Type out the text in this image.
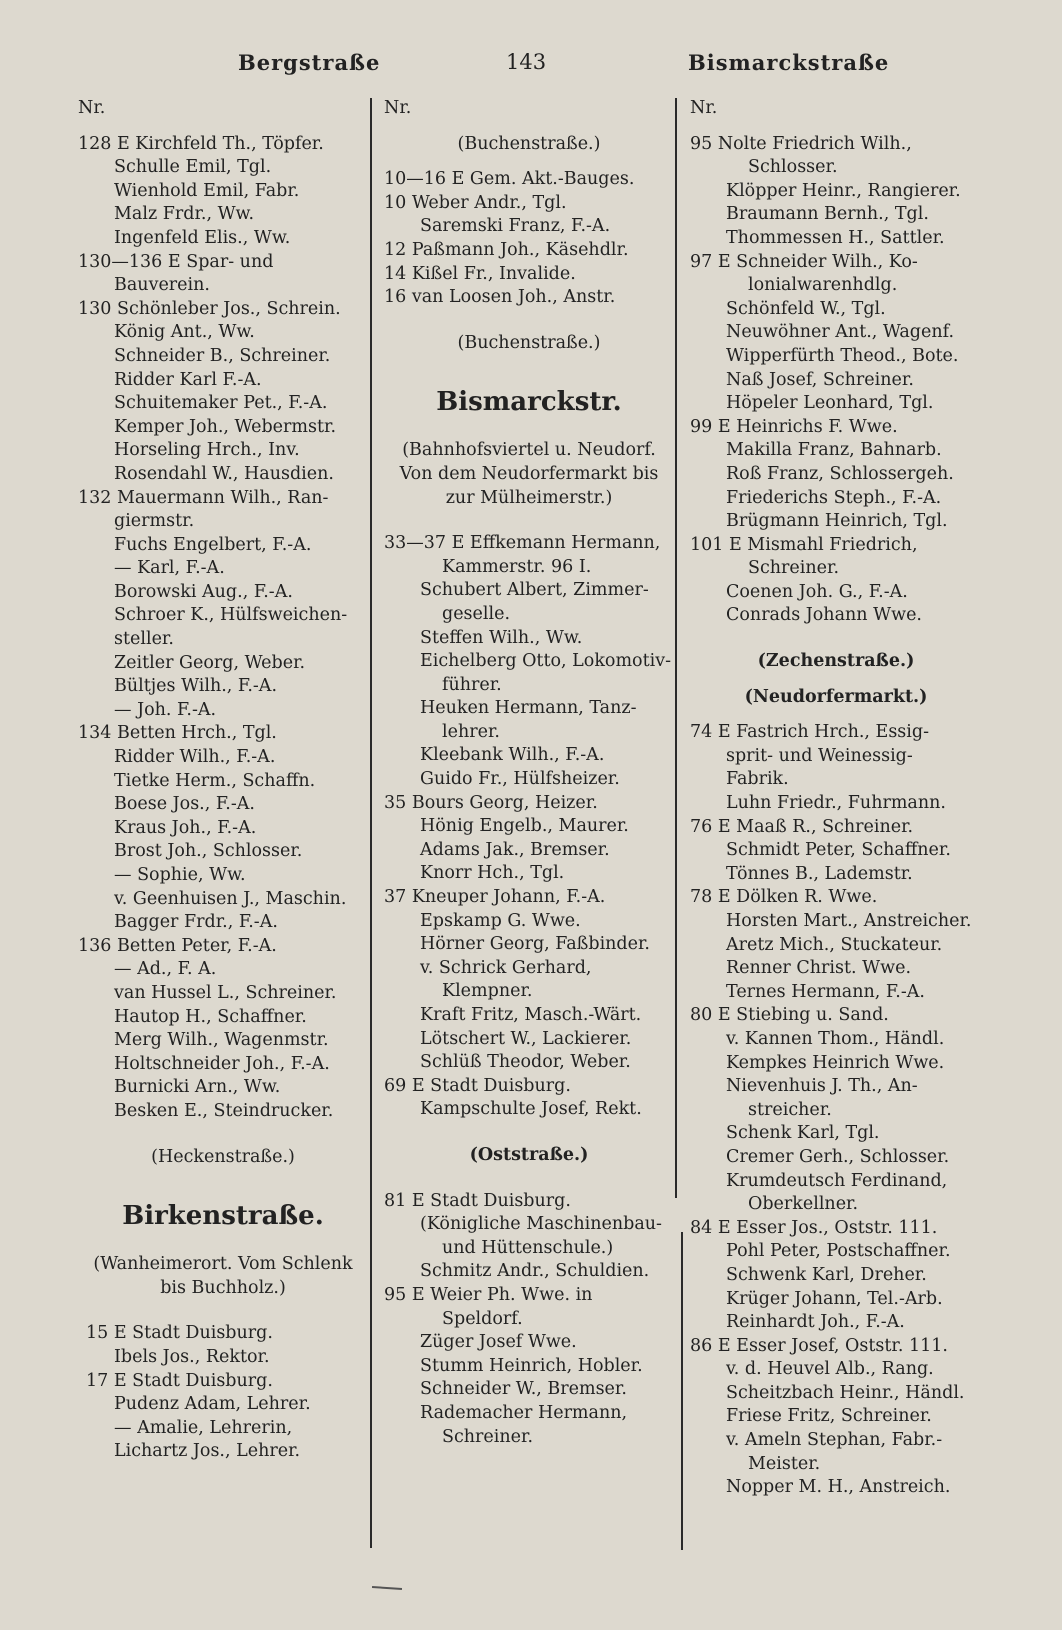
Bergstraße	143	Bismarckstraße
Nr.
128 E Kirchfeld Th., Töpfer.
Schulle Emil, Tgl.
Wienhold Emil, Fabr.
Malz Frdr., Ww.
Ingenfeld Elis., Ww.
130—136 E Spar- und
Bauverein.
130 Schönleber Jos., Schrein.
König Ant., Ww.
Schneider B., Schreiner.
Ridder Karl F.-A.
Schuitemaker Pet., F.-A.
Kemper Joh., Webermstr.
Horseling Hrch., Inv.
Rosendahl W., Hausdien.
132 Mauermann Wilh., Ran-
giermstr.
Fuchs Engelbert, F.-A.
— Karl, F.-A.
Borowski Aug., F.-A.
Schroer K., Hülfsweichen-
steller.
Zeitler Georg, Weber.
Bültjes Wilh., F.-A.
— Joh. F.-A.
134 Betten Hrch., Tgl.
Ridder Wilh., F.-A.
Tietke Herm., Schaffn.
Boese Jos., F.-A.
Kraus Joh., F.-A.
Brost Joh., Schlosser.
— Sophie, Ww.
v. Geenhuisen J., Maschin.
Bagger Frdr., F.-A.
136 Betten Peter, F.-A.
— Ad., F. A.
van Hussel L., Schreiner.
Hautop H., Schaffner.
Merg Wilh., Wagenmstr.
Holtschneider Joh., F.-A.
Burnicki Arn., Ww.
Besken E., Steindrucker.
(Heckenstraße.)
Birkenstraße.
(Wanheimerort. Vom Schlenk
bis Buchholz.)
15 E Stadt Duisburg.
Ibels Jos., Rektor.
17 E Stadt Duisburg.
Pudenz Adam, Lehrer.
— Amalie, Lehrerin,
Lichartz Jos., Lehrer.
Nr.
(Buchenstraße.)
10—16 E Gem. Akt.-Bauges.
10 Weber Andr., Tgl.
Saremski Franz, F.-A.
12 Paßmann Joh., Käsehdlr.
14 Kißel Fr., Invalide.
16 van Loosen Joh., Anstr.
(Buchenstraße.)
Bismarckstr.
(Bahnhofsviertel u. Neudorf.
Von dem Neudorfermarkt bis
zur Mülheimerstr.)
33—37 E Effkemann Hermann,
Kammerstr. 96 I.
Schubert Albert, Zimmer-
geselle.
Steffen Wilh., Ww.
Eichelberg Otto, Lokomotiv-
führer.
Heuken Hermann, Tanz-
lehrer.
Kleebank Wilh., F.-A.
Guido Fr., Hülfsheizer.
35 Bours Georg, Heizer.
Hönig Engelb., Maurer.
Adams Jak., Bremser.
Knorr Hch., Tgl.
37 Kneuper Johann, F.-A.
Epskamp G. Wwe.
Hörner Georg, Faßbinder.
v. Schrick Gerhard,
Klempner.
Kraft Fritz, Masch.-Wärt.
Lötschert W., Lackierer.
Schlüß Theodor, Weber.
69 E Stadt Duisburg.
Kampschulte Josef, Rekt.
(Oststraße.)
81 E Stadt Duisburg.
(Königliche Maschinenbau-
und Hüttenschule.)
Schmitz Andr., Schuldien.
95 E Weier Ph. Wwe. in
Speldorf.
Züger Josef Wwe.
Stumm Heinrich, Hobler.
Schneider W., Bremser.
Rademacher Hermann,
Schreiner.
Nr.
95 Nolte Friedrich Wilh.,
Schlosser.
Klöpper Heinr., Rangierer.
Braumann Bernh., Tgl.
Thommessen H., Sattler.
97 E Schneider Wilh., Ko-
lonialwarenhdlg.
Schönfeld W., Tgl.
Neuwöhner Ant., Wagenf.
Wipperfürth Theod., Bote.
Naß Josef, Schreiner.
Höpeler Leonhard, Tgl.
99 E Heinrichs F. Wwe.
Makilla Franz, Bahnarb.
Roß Franz, Schlossergeh.
Friederichs Steph., F.-A.
Brügmann Heinrich, Tgl.
101 E Mismahl Friedrich,
Schreiner.
Coenen Joh. G., F.-A.
Conrads Johann Wwe.
(Zechenstraße.)
(Neudorfermarkt.)
74 E Fastrich Hrch., Essig-
sprit- und Weinessig-
Fabrik.
Luhn Friedr., Fuhrmann.
76 E Maaß R., Schreiner.
Schmidt Peter, Schaffner.
Tönnes B., Lademstr.
78 E Dölken R. Wwe.
Horsten Mart., Anstreicher.
Aretz Mich., Stuckateur.
Renner Christ. Wwe.
Ternes Hermann, F.-A.
80 E Stiebing u. Sand.
v. Kannen Thom., Händl.
Kempkes Heinrich Wwe.
Nievenhuis J. Th., An-
streicher.
Schenk Karl, Tgl.
Cremer Gerh., Schlosser.
Krumdeutsch Ferdinand,
Oberkellner.
84 E Esser Jos., Oststr. 111.
Pohl Peter, Postschaffner.
Schwenk Karl, Dreher.
Krüger Johann, Tel.-Arb.
Reinhardt Joh., F.-A.
86 E Esser Josef, Oststr. 111.
v. d. Heuvel Alb., Rang.
Scheitzbach Heinr., Händl.
Friese Fritz, Schreiner.
v. Ameln Stephan, Fabr.-
Meister.
Nopper M. H., Anstreich.
